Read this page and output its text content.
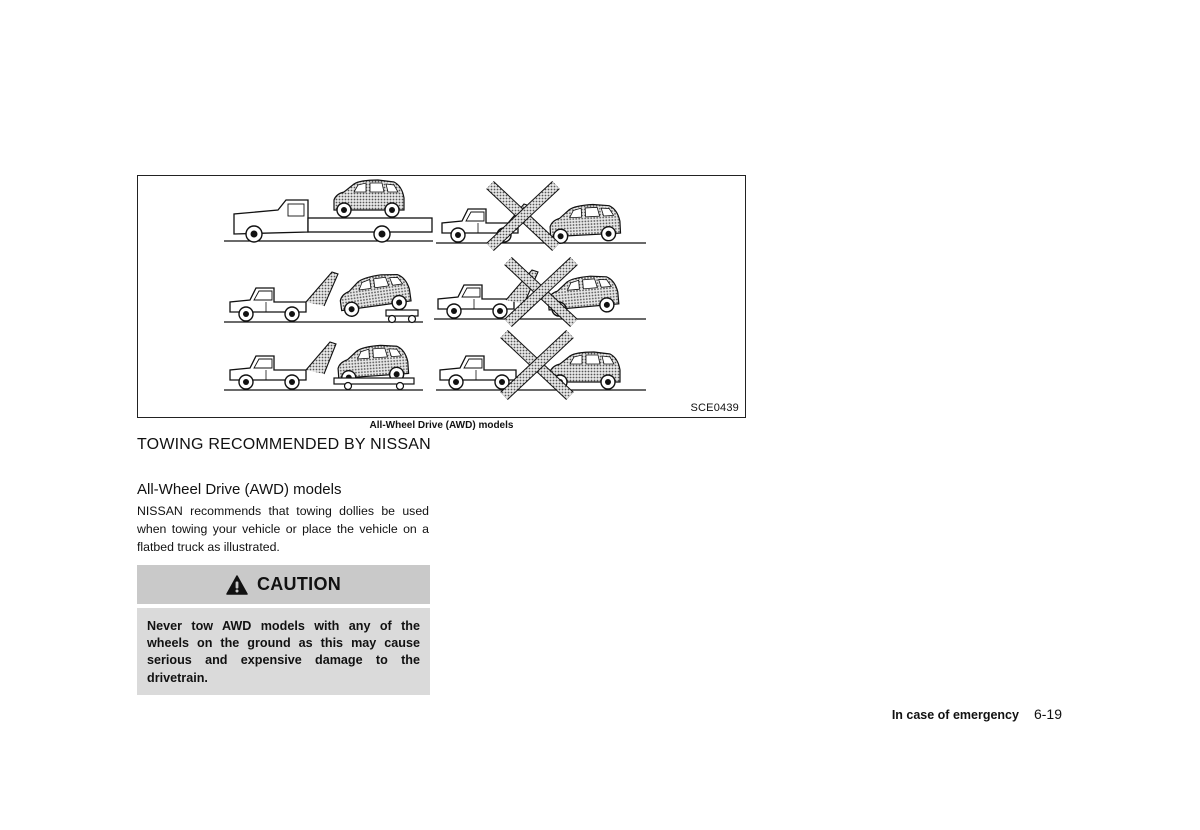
SCE0439
All-Wheel Drive (AWD) models
TOWING RECOMMENDED BY NISSAN
All-Wheel Drive (AWD) models

NISSAN recommends that towing dollies be used when towing your vehicle or place the vehicle on a flatbed truck as illustrated.

CAUTION
Never tow AWD models with any of the wheels on the ground as this may cause serious and expensive damage to the drivetrain.
In case of emergency 6-19
